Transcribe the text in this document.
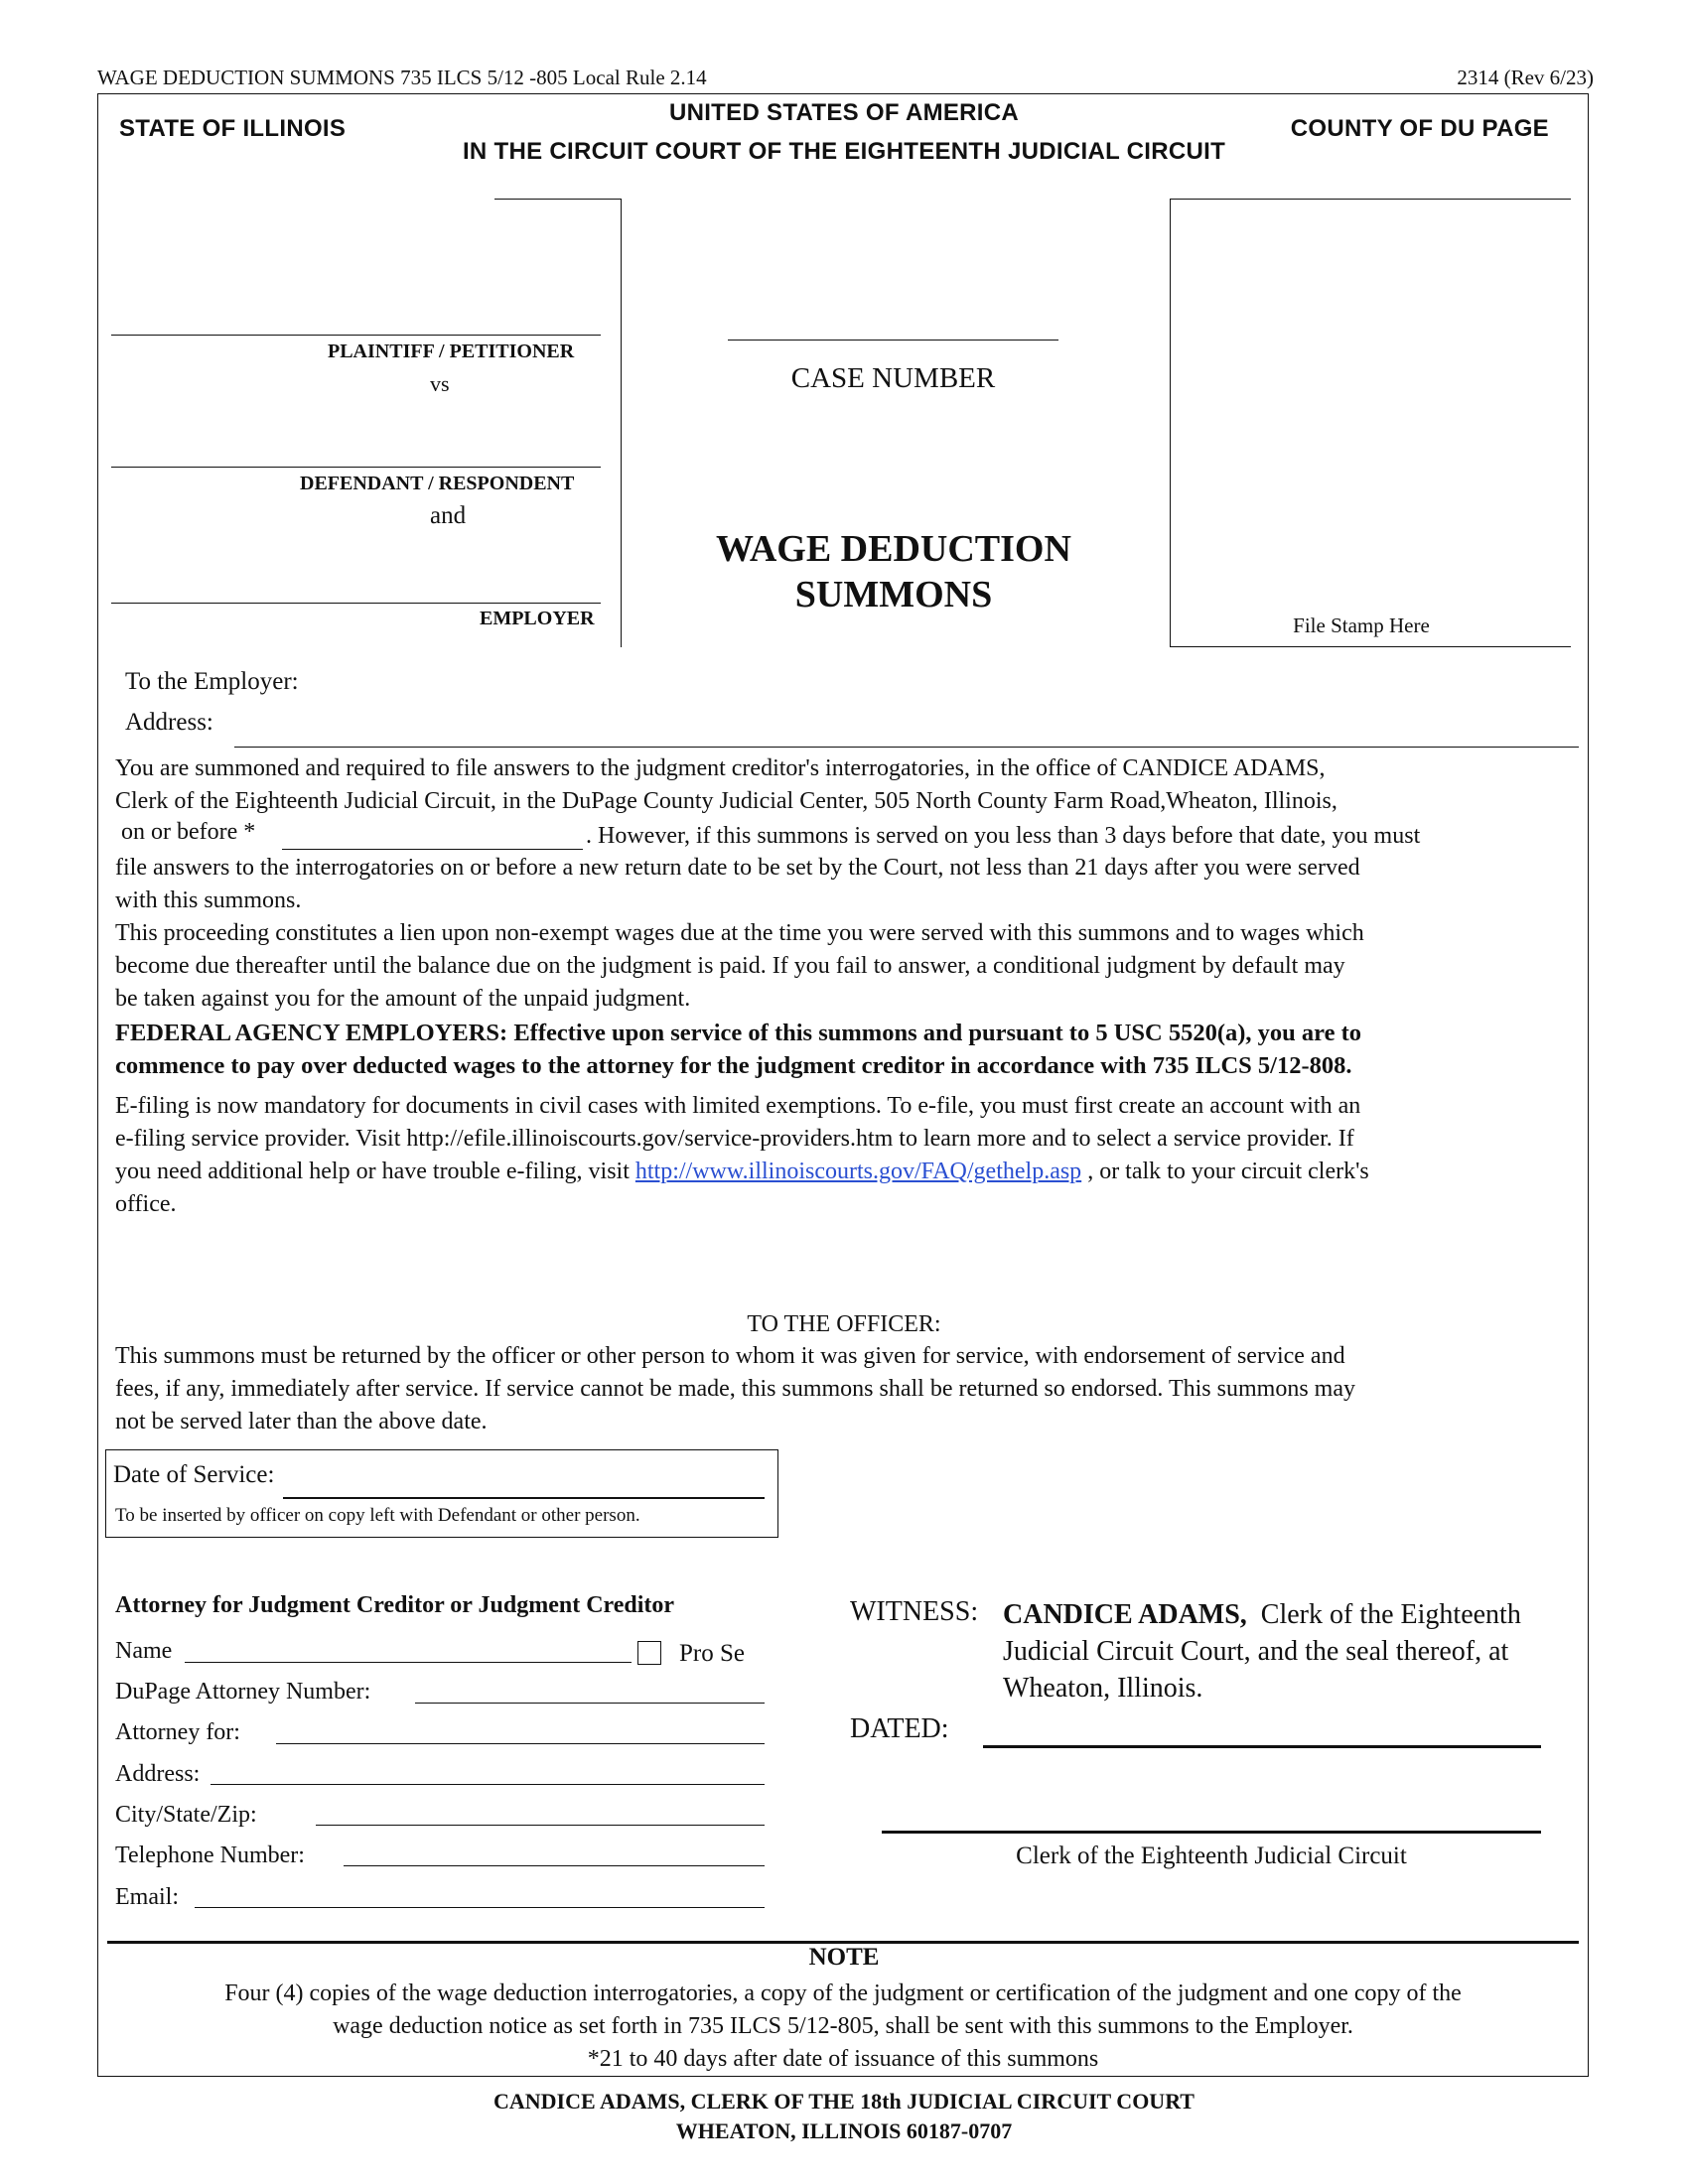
WAGE DEDUCTION SUMMONS 735 ILCS 5/12 -805 Local Rule 2.14	2314 (Rev 6/23)
STATE OF ILLINOIS
UNITED STATES OF AMERICA
IN THE CIRCUIT COURT OF THE EIGHTEENTH JUDICIAL CIRCUIT
COUNTY OF DU PAGE
PLAINTIFF / PETITIONER
vs
DEFENDANT / RESPONDENT
and
EMPLOYER
CASE NUMBER
WAGE DEDUCTION
SUMMONS
File Stamp Here
To the Employer:
Address:
You are summoned and required to file answers to the judgment creditor's interrogatories, in the office of CANDICE ADAMS,
Clerk of the Eighteenth Judicial Circuit, in the DuPage County Judicial Center, 505 North County Farm Road,Wheaton, Illinois,
on or before *	. However, if this summons is served on you less than 3 days before that date, you must
file answers to the interrogatories on or before a new return date to be set by the Court, not less than 21 days after you were served
with this summons.
This proceeding constitutes a lien upon non-exempt wages due at the time you were served with this summons and to wages which
become due thereafter until the balance due on the judgment is paid. If you fail to answer, a conditional judgment by default may
be taken against you for the amount of the unpaid judgment.
FEDERAL AGENCY EMPLOYERS: Effective upon service of this summons and pursuant to 5 USC 5520(a), you are to
commence to pay over deducted wages to the attorney for the judgment creditor in accordance with 735 ILCS 5/12-808.
E-filing is now mandatory for documents in civil cases with limited exemptions. To e-file, you must first create an account with an
e-filing service provider. Visit http://efile.illinoiscourts.gov/service-providers.htm to learn more and to select a service provider. If
you need additional help or have trouble e-filing, visit http://www.illinoiscourts.gov/FAQ/gethelp.asp , or talk to your circuit clerk's
office.
TO THE OFFICER:
This summons must be returned by the officer or other person to whom it was given for service, with endorsement of service and
fees, if any, immediately after service. If service cannot be made, this summons shall be returned so endorsed. This summons may
not be served later than the above date.
Date of Service:
To be inserted by officer on copy left with Defendant or other person.
Attorney for Judgment Creditor or Judgment Creditor
Name	Pro Se
DuPage Attorney Number:
Attorney for:
Address:
City/State/Zip:
Telephone Number:
Email:
WITNESS: CANDICE ADAMS, Clerk of the Eighteenth
Judicial Circuit Court, and the seal thereof, at
Wheaton, Illinois.
DATED:
Clerk of the Eighteenth Judicial Circuit
NOTE
Four (4) copies of the wage deduction interrogatories, a copy of the judgment or certification of the judgment and one copy of the
wage deduction notice as set forth in 735 ILCS 5/12-805, shall be sent with this summons to the Employer.
*21 to 40 days after date of issuance of this summons
CANDICE ADAMS, CLERK OF THE 18th JUDICIAL CIRCUIT COURT
WHEATON, ILLINOIS 60187-0707
